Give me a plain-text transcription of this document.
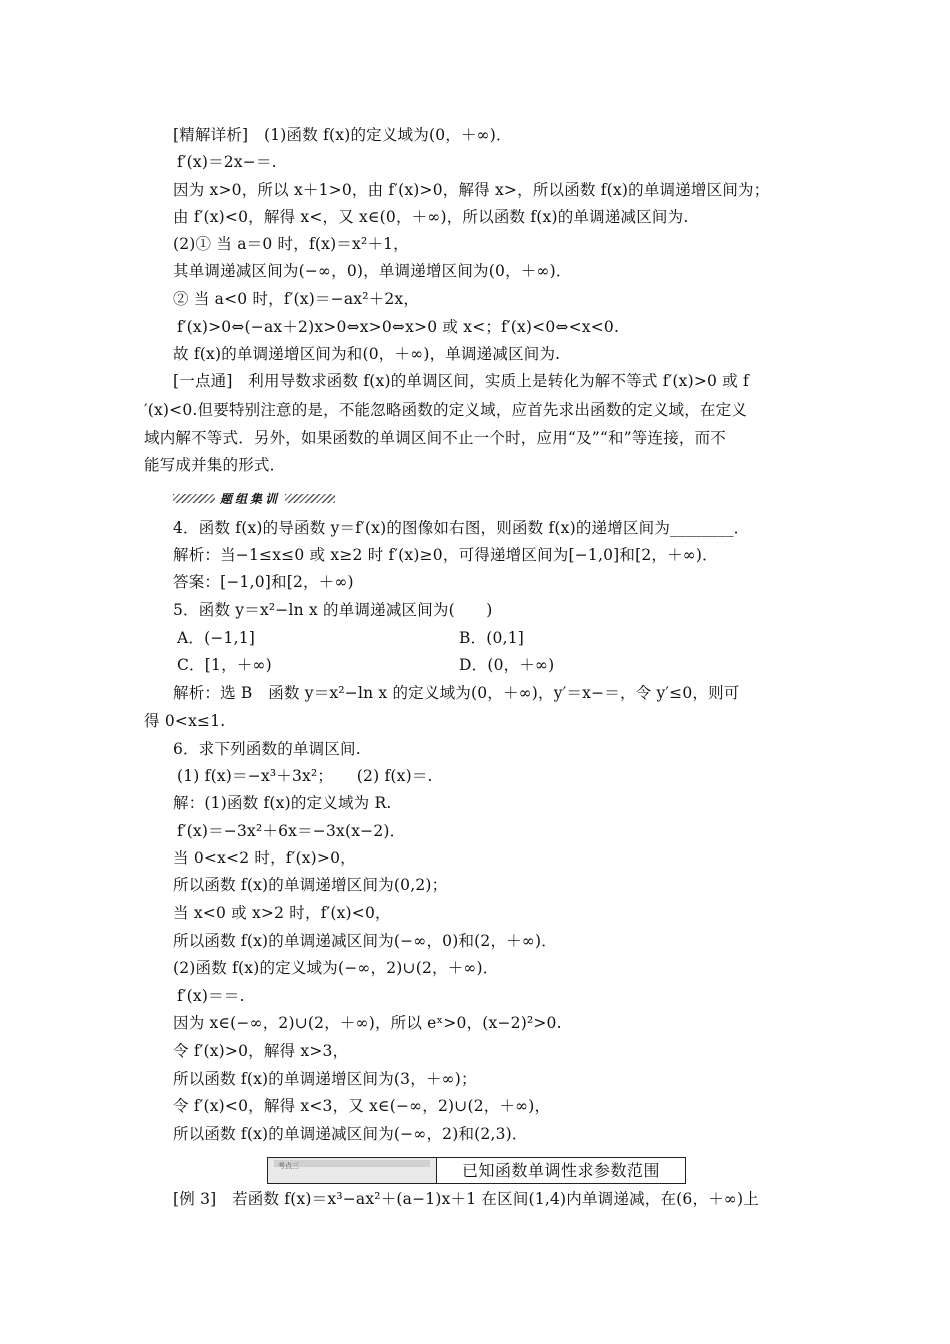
[精解详析]　(1)函数 f(x)的定义域为(0，＋∞)．
f′(x)＝2x−＝.
因为 x>0，所以 x＋1>0，由 f′(x)>0，解得 x>，所以函数 f(x)的单调递增区间为；
由 f′(x)<0，解得 x<，又 x∈(0，＋∞)，所以函数 f(x)的单调递减区间为.
(2)① 当 a＝0 时，f(x)＝x²＋1，
其单调递减区间为(−∞，0)，单调递增区间为(0，＋∞)．
② 当 a<0 时，f′(x)＝−ax²＋2x，
f′(x)>0⇔(−ax＋2)x>0⇔x>0⇔x>0 或 x<；f′(x)<0⇔<x<0.
故 f(x)的单调递增区间为和(0，＋∞)，单调递减区间为.
[一点通]　利用导数求函数 f(x)的单调区间，实质上是转化为解不等式 f′(x)>0 或 f
′(x)<0.但要特别注意的是，不能忽略函数的定义域，应首先求出函数的定义域，在定义
域内解不等式．另外，如果函数的单调区间不止一个时，应用“及”“和”等连接，而不
能写成并集的形式．
题组集训
4．函数 f(x)的导函数 y＝f′(x)的图像如右图，则函数 f(x)的递增区间为________．
解析：当−1≤x≤0 或 x≥2 时 f′(x)≥0，可得递增区间为[−1,0]和[2，＋∞)．
答案：[−1,0]和[2，＋∞)
5．函数 y＝x²−ln x 的单调递减区间为(　　)
A．(−1,1]	B．(0,1]
C．[1，＋∞)	D．(0，＋∞)
解析：选 B　函数 y＝x²−ln x 的定义域为(0，＋∞)，y′＝x−＝，令 y′≤0，则可
得 0<x≤1.
6．求下列函数的单调区间.
(1) f(x)＝−x³＋3x²；　　(2) f(x)＝.
解：(1)函数 f(x)的定义域为 R.
f′(x)＝−3x²＋6x＝−3x(x−2)．
当 0<x<2 时，f′(x)>0，
所以函数 f(x)的单调递增区间为(0,2)；
当 x<0 或 x>2 时，f′(x)<0，
所以函数 f(x)的单调递减区间为(−∞，0)和(2，＋∞)．
(2)函数 f(x)的定义域为(−∞，2)∪(2，＋∞)．
f′(x)＝＝.
因为 x∈(−∞，2)∪(2，＋∞)，所以 eˣ>0，(x−2)²>0.
令 f′(x)>0，解得 x>3，
所以函数 f(x)的单调递增区间为(3，＋∞)；
令 f′(x)<0，解得 x<3，又 x∈(−∞，2)∪(2，＋∞)，
所以函数 f(x)的单调递减区间为(−∞，2)和(2,3)．
考点三	已知函数单调性求参数范围
[例 3]　若函数 f(x)＝x³−ax²＋(a−1)x＋1 在区间(1,4)内单调递减，在(6，＋∞)上
